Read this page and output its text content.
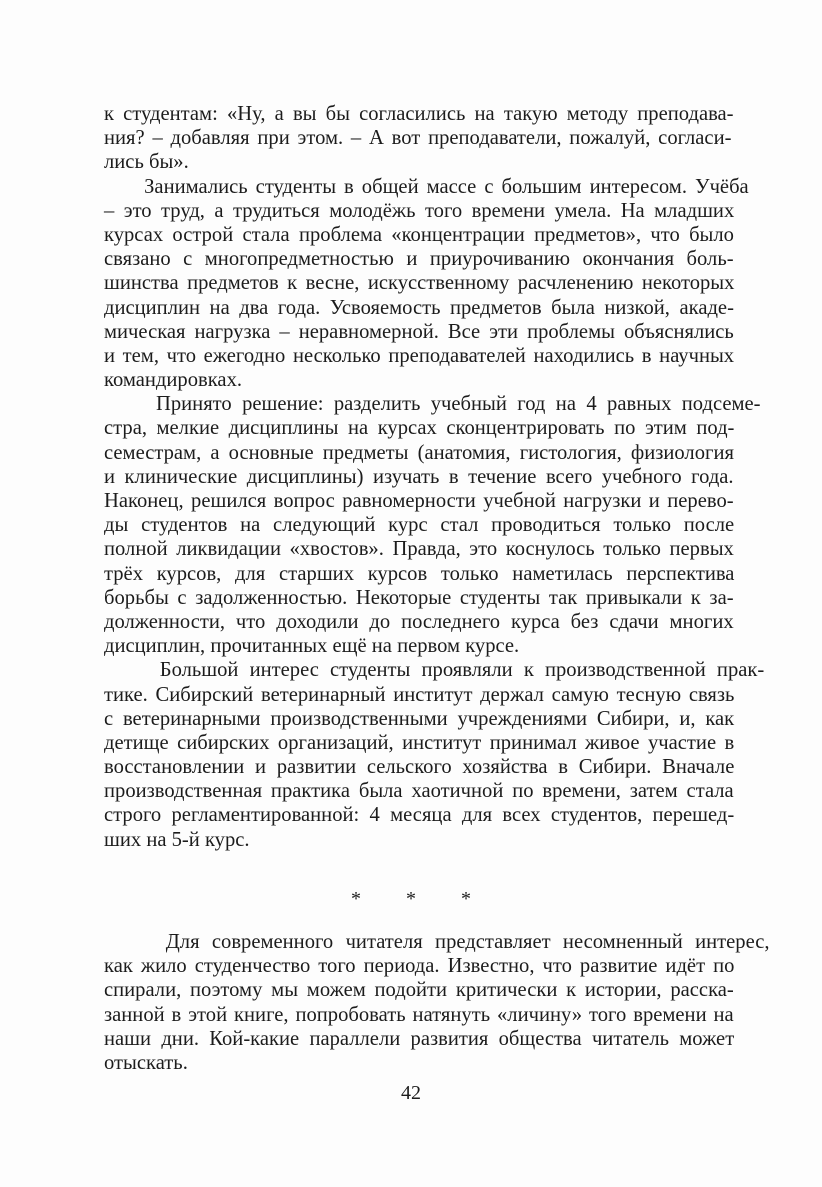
к студентам: «Ну, а вы бы согласились на такую методу преподава-
ния? – добавляя при этом. – А вот преподаватели, пожалуй, согласи-
лись бы».
Занимались студенты в общей массе с большим интересом. Учёба
– это труд, а трудиться молодёжь того времени умела. На младших
курсах острой стала проблема «концентрации предметов», что было
связано с многопредметностью и приурочиванию окончания боль-
шинства предметов к весне, искусственному расчленению некоторых
дисциплин на два года. Усвояемость предметов была низкой, акаде-
мическая нагрузка – неравномерной. Все эти проблемы объяснялись
и тем, что ежегодно несколько преподавателей находились в научных
командировках.
Принято решение: разделить учебный год на 4 равных подсеме-
стра, мелкие дисциплины на курсах сконцентрировать по этим под-
семестрам, а основные предметы (анатомия, гистология, физиология
и клинические дисциплины) изучать в течение всего учебного года.
Наконец, решился вопрос равномерности учебной нагрузки и перево-
ды студентов на следующий курс стал проводиться только после
полной ликвидации «хвостов». Правда, это коснулось только первых
трёх курсов, для старших курсов только наметилась перспектива
борьбы с задолженностью. Некоторые студенты так привыкали к за-
долженности, что доходили до последнего курса без сдачи многих
дисциплин, прочитанных ещё на первом курсе.
Большой интерес студенты проявляли к производственной прак-
тике. Сибирский ветеринарный институт держал самую тесную связь
с ветеринарными производственными учреждениями Сибири, и, как
детище сибирских организаций, институт принимал живое участие в
восстановлении и развитии сельского хозяйства в Сибири. Вначале
производственная практика была хаотичной по времени, затем стала
строго регламентированной: 4 месяца для всех студентов, перешед-
ших на 5-й курс.
* * *
Для современного читателя представляет несомненный интерес,
как жило студенчество того периода. Известно, что развитие идёт по
спирали, поэтому мы можем подойти критически к истории, расска-
занной в этой книге, попробовать натянуть «личину» того времени на
наши дни. Кой-какие параллели развития общества читатель может
отыскать.
42
